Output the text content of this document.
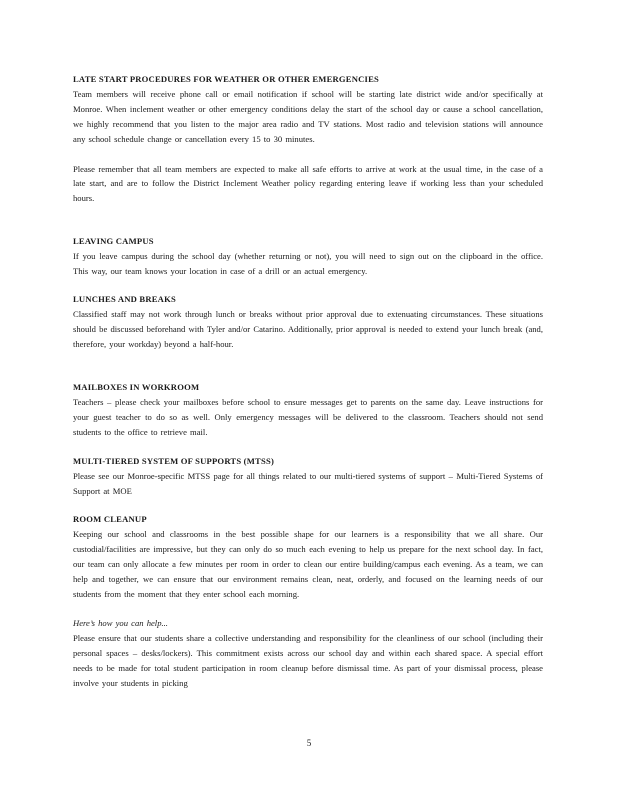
LATE START PROCEDURES FOR WEATHER OR OTHER EMERGENCIES

Team members will receive phone call or email notification if school will be starting late district wide and/or specifically at Monroe. When inclement weather or other emergency conditions delay the start of the school day or cause a school cancellation, we highly recommend that you listen to the major area radio and TV stations. Most radio and television stations will announce any school schedule change or cancellation every 15 to 30 minutes.

Please remember that all team members are expected to make all safe efforts to arrive at work at the usual time, in the case of a late start, and are to follow the District Inclement Weather policy regarding entering leave if working less than your scheduled hours.

LEAVING CAMPUS

If you leave campus during the school day (whether returning or not), you will need to sign out on the clipboard in the office. This way, our team knows your location in case of a drill or an actual emergency.

LUNCHES AND BREAKS

Classified staff may not work through lunch or breaks without prior approval due to extenuating circumstances. These situations should be discussed beforehand with Tyler and/or Catarino. Additionally, prior approval is needed to extend your lunch break (and, therefore, your workday) beyond a half-hour.

MAILBOXES IN WORKROOM

Teachers – please check your mailboxes before school to ensure messages get to parents on the same day. Leave instructions for your guest teacher to do so as well. Only emergency messages will be delivered to the classroom. Teachers should not send students to the office to retrieve mail.

MULTI-TIERED SYSTEM OF SUPPORTS (MTSS)

Please see our Monroe-specific MTSS page for all things related to our multi-tiered systems of support – Multi-Tiered Systems of Support at MOE

ROOM CLEANUP

Keeping our school and classrooms in the best possible shape for our learners is a responsibility that we all share. Our custodial/facilities are impressive, but they can only do so much each evening to help us prepare for the next school day. In fact, our team can only allocate a few minutes per room in order to clean our entire building/campus each evening. As a team, we can help and together, we can ensure that our environment remains clean, neat, orderly, and focused on the learning needs of our students from the moment that they enter school each morning.

Here’s how you can help...

Please ensure that our students share a collective understanding and responsibility for the cleanliness of our school (including their personal spaces – desks/lockers). This commitment exists across our school day and within each shared space. A special effort needs to be made for total student participation in room cleanup before dismissal time. As part of your dismissal process, please involve your students in picking

5
